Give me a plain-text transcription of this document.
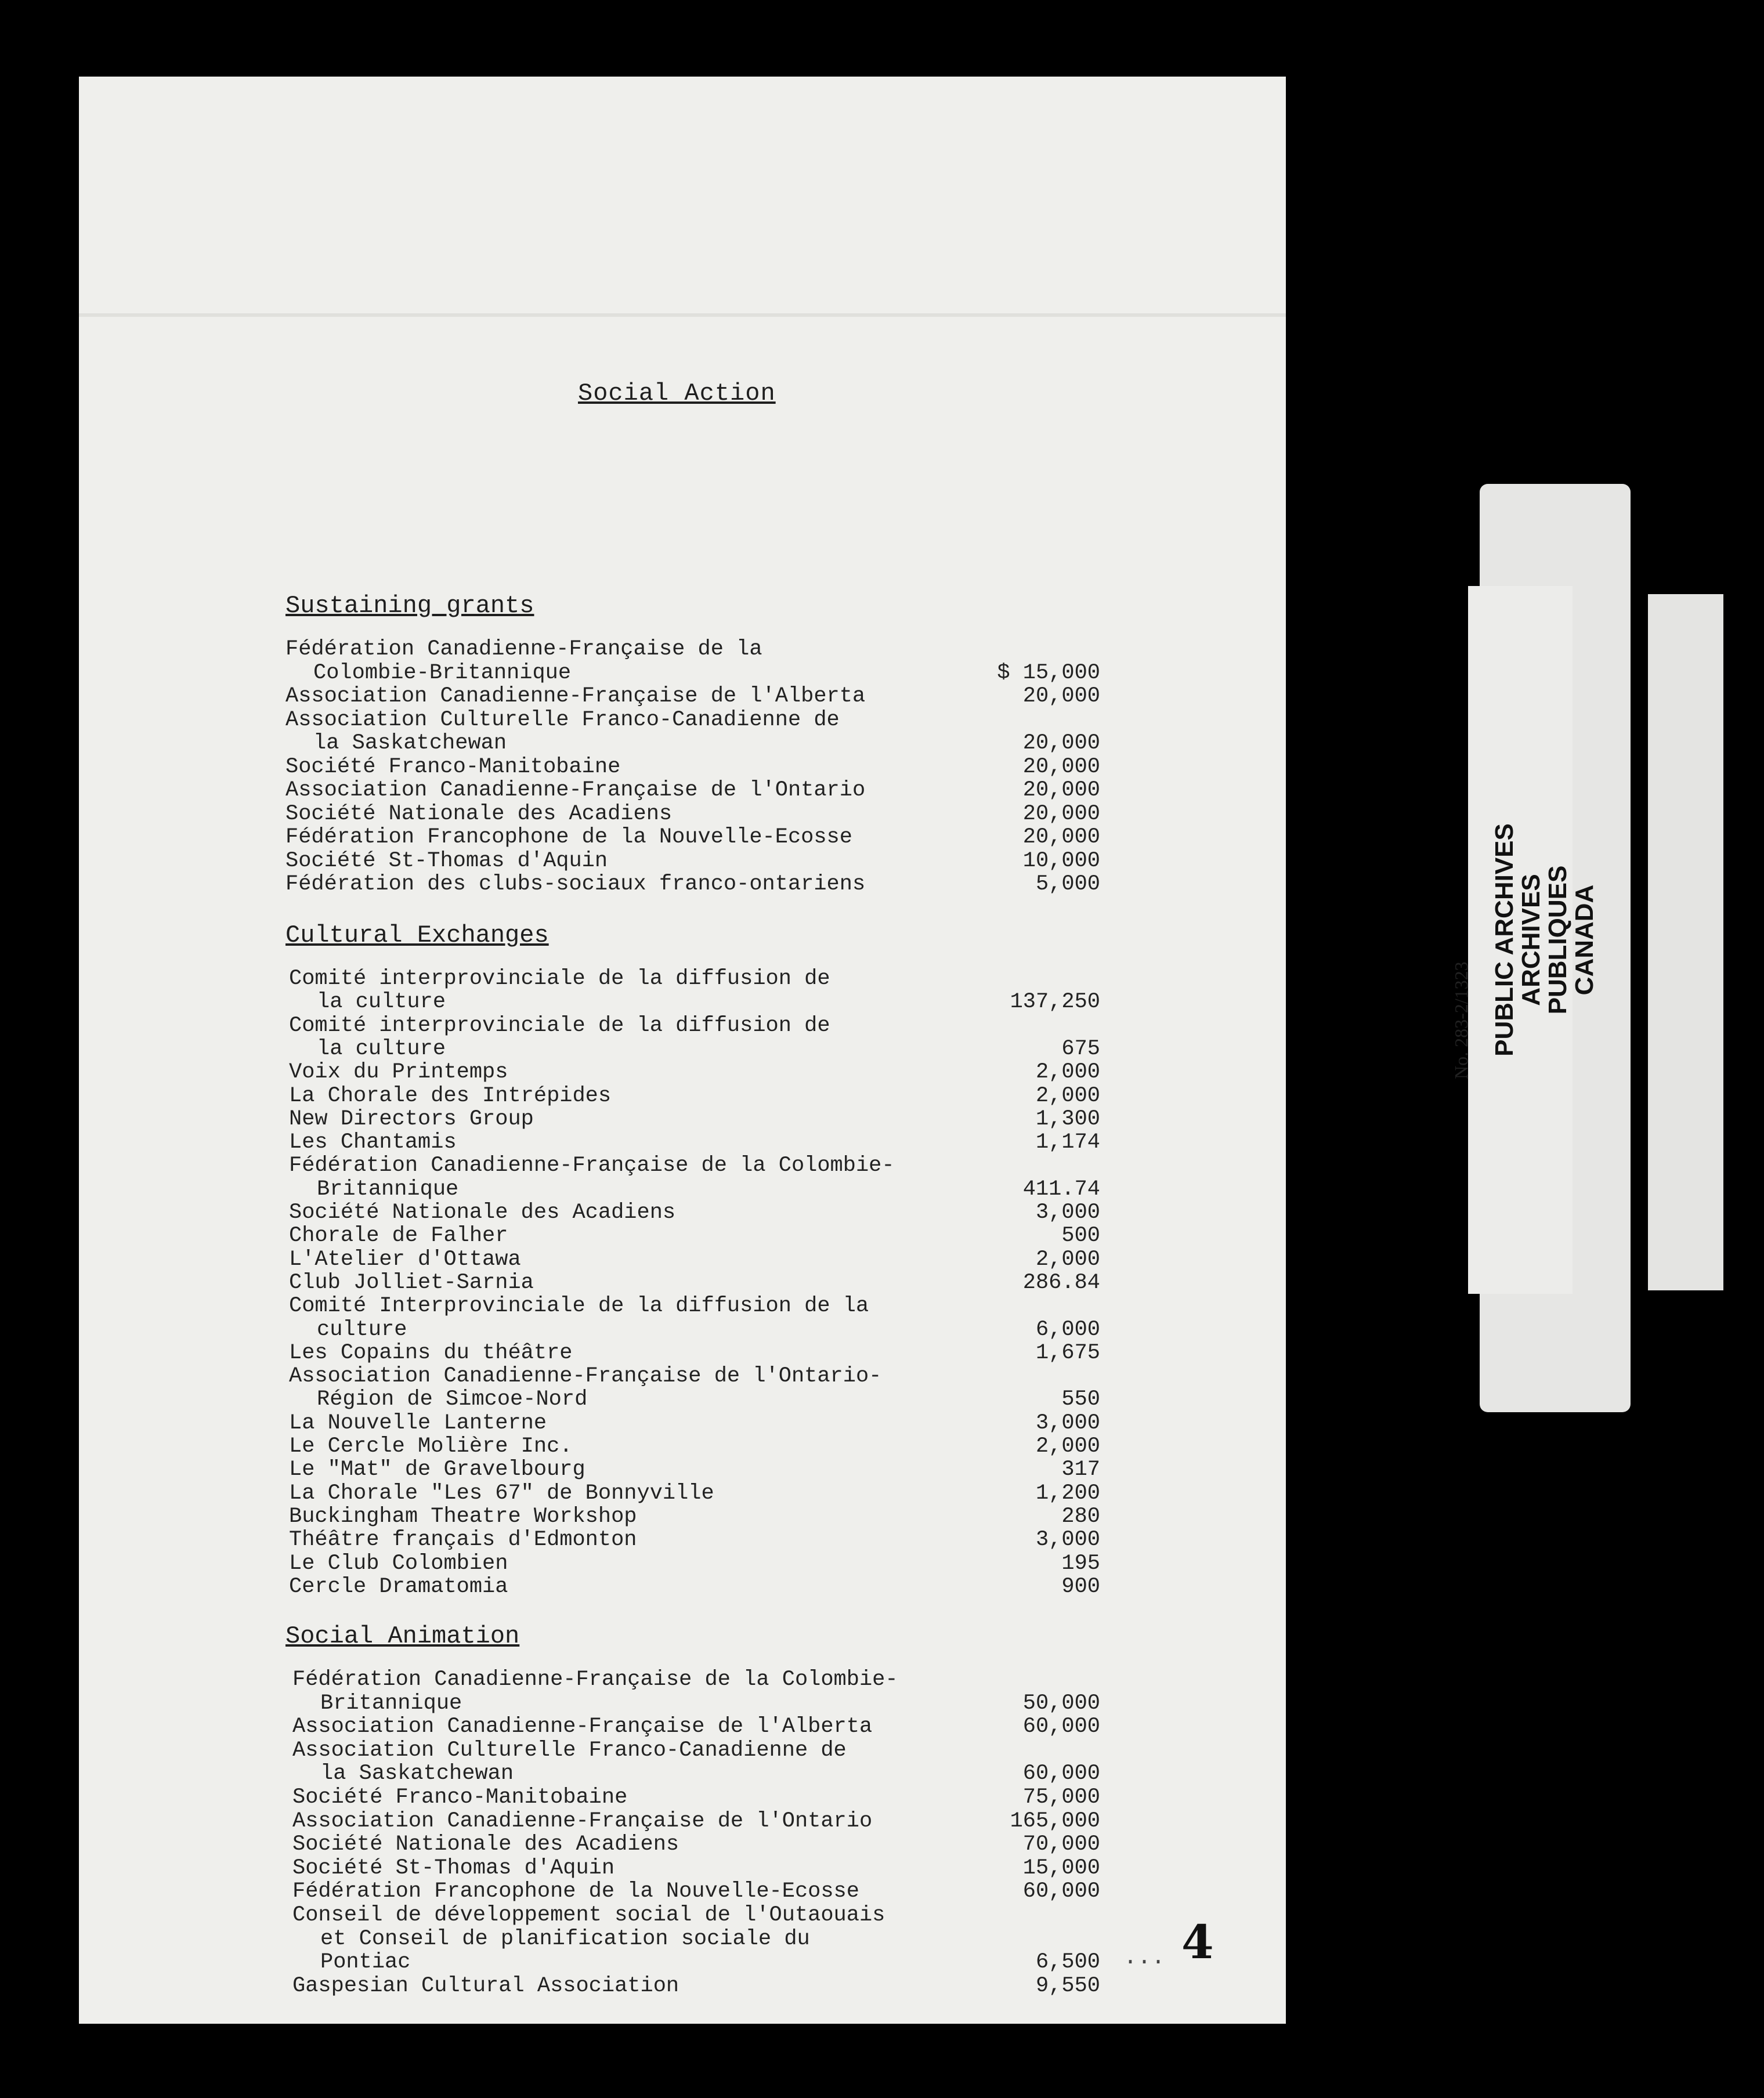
Social Action
Sustaining grants
Fédération Canadienne-Française de la
Colombie-Britannique	$ 15,000
Association Canadienne-Française de l'Alberta	20,000
Association Culturelle Franco-Canadienne de
la Saskatchewan	20,000
Société Franco-Manitobaine	20,000
Association Canadienne-Française de l'Ontario	20,000
Société Nationale des Acadiens	20,000
Fédération Francophone de la Nouvelle-Ecosse	20,000
Société St-Thomas d'Aquin	10,000
Fédération des clubs-sociaux franco-ontariens	5,000
Cultural Exchanges
Comité interprovinciale de la diffusion de
la culture	137,250
Comité interprovinciale de la diffusion de
la culture	675
Voix du Printemps	2,000
La Chorale des Intrépides	2,000
New Directors Group	1,300
Les Chantamis	1,174
Fédération Canadienne-Française de la Colombie-
Britannique	411.74
Société Nationale des Acadiens	3,000
Chorale de Falher	500
L'Atelier d'Ottawa	2,000
Club Jolliet-Sarnia	286.84
Comité Interprovinciale de la diffusion de la
culture	6,000
Les Copains du théâtre	1,675
Association Canadienne-Française de l'Ontario-
Région de Simcoe-Nord	550
La Nouvelle Lanterne	3,000
Le Cercle Molière Inc.	2,000
Le "Mat" de Gravelbourg	317
La Chorale "Les 67" de Bonnyville	1,200
Buckingham Theatre Workshop	280
Théâtre français d'Edmonton	3,000
Le Club Colombien	195
Cercle Dramatomia	900
Social Animation
Fédération Canadienne-Française de la Colombie-
Britannique	50,000
Association Canadienne-Française de l'Alberta	60,000
Association Culturelle Franco-Canadienne de
la Saskatchewan	60,000
Société Franco-Manitobaine	75,000
Association Canadienne-Française de l'Ontario	165,000
Société Nationale des Acadiens	70,000
Société St-Thomas d'Aquin	15,000
Fédération Francophone de la Nouvelle-Ecosse	60,000
Conseil de développement social de l'Outaouais
et Conseil de planification sociale du
Pontiac	6,500
Gaspesian Cultural Association	9,550
... 4
PUBLIC ARCHIVES
ARCHIVES PUBLIQUES
CANADA
No. 283-2/1323
